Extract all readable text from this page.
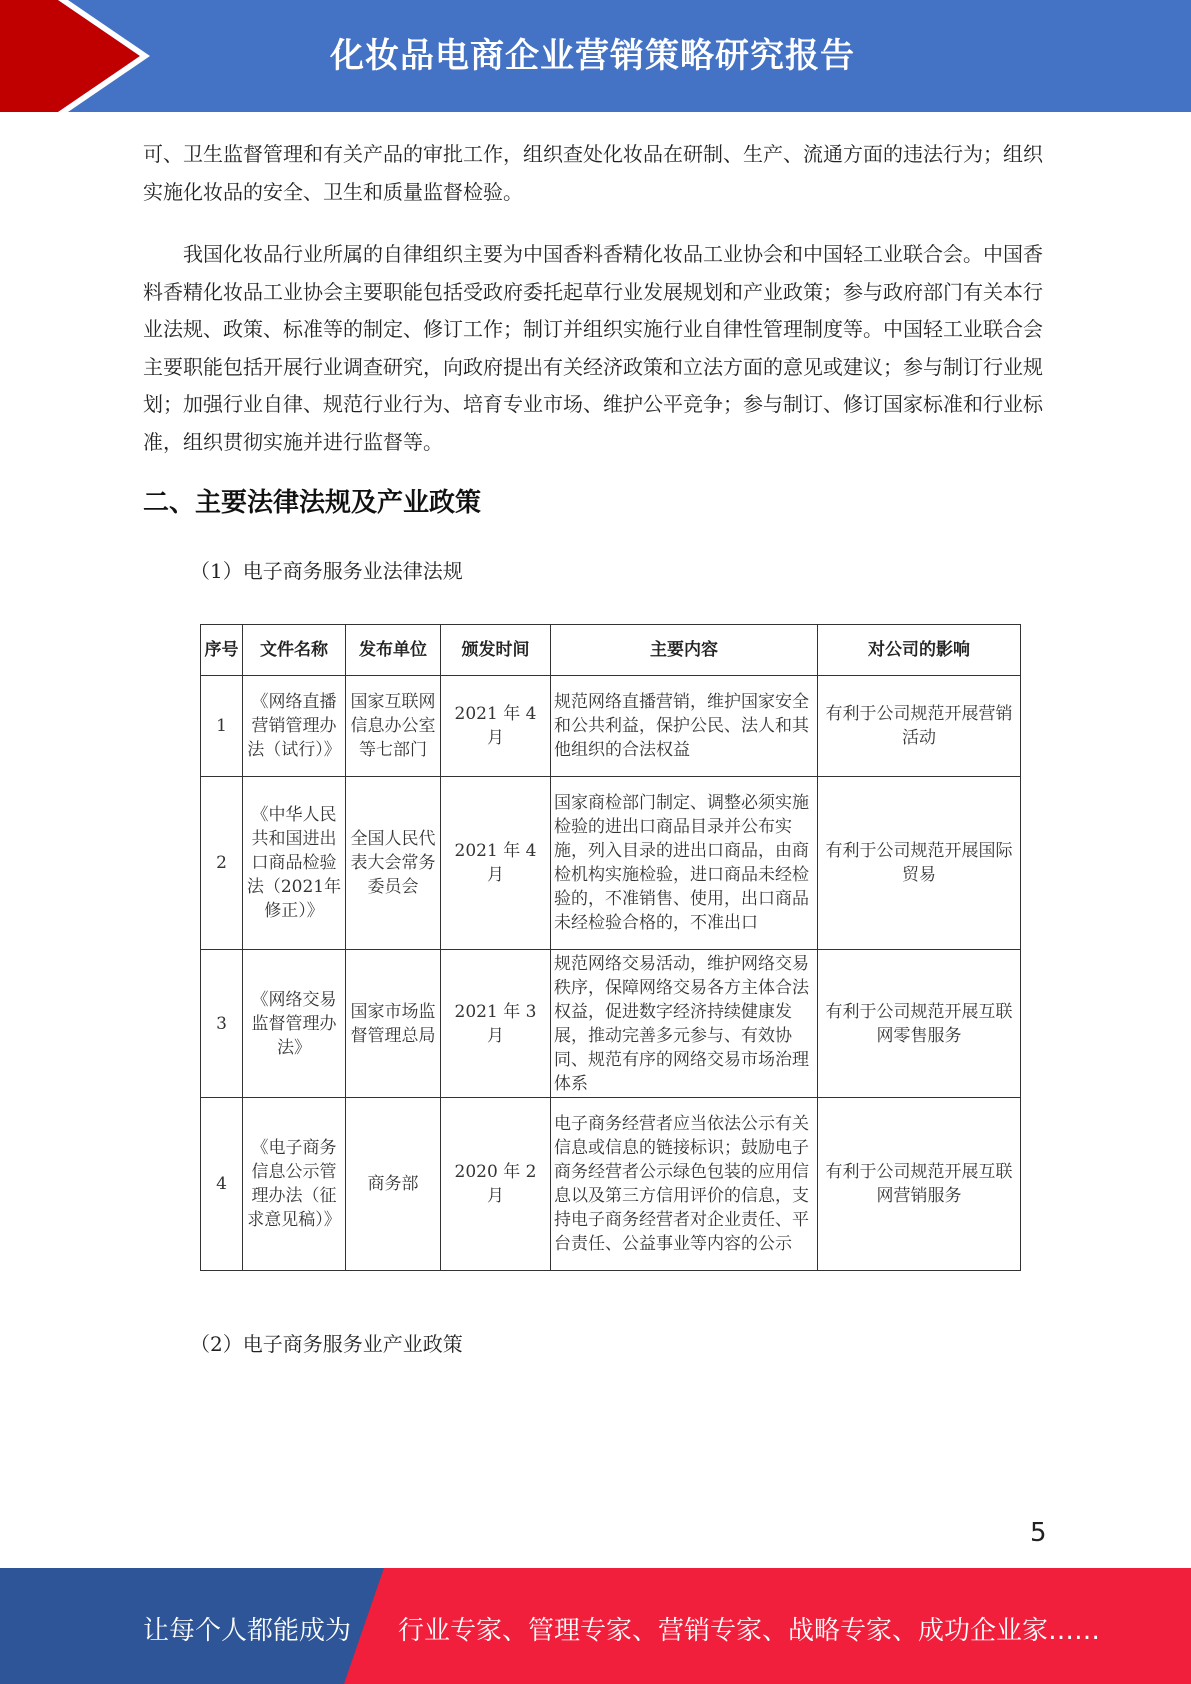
化妆品电商企业营销策略研究报告

可、卫生监督管理和有关产品的审批工作，组织查处化妆品在研制、生产、流通方面的违法行为；组织实施化妆品的安全、卫生和质量监督检验。

我国化妆品行业所属的自律组织主要为中国香料香精化妆品工业协会和中国轻工业联合会。中国香料香精化妆品工业协会主要职能包括受政府委托起草行业发展规划和产业政策；参与政府部门有关本行业法规、政策、标准等的制定、修订工作；制订并组织实施行业自律性管理制度等。中国轻工业联合会主要职能包括开展行业调查研究，向政府提出有关经济政策和立法方面的意见或建议；参与制订行业规划；加强行业自律、规范行业行为、培育专业市场、维护公平竞争；参与制订、修订国家标准和行业标准，组织贯彻实施并进行监督等。

二、主要法律法规及产业政策

（1）电子商务服务业法律法规

序号	文件名称	发布单位	颁发时间	主要内容	对公司的影响
1	《网络直播营销管理办法（试行）》	国家互联网信息办公室等七部门	2021 年 4 月	规范网络直播营销，维护国家安全和公共利益，保护公民、法人和其他组织的合法权益	有利于公司规范开展营销活动
2	《中华人民共和国进出口商品检验法（2021年修正）》	全国人民代表大会常务委员会	2021 年 4 月	国家商检部门制定、调整必须实施检验的进出口商品目录并公布实施，列入目录的进出口商品，由商检机构实施检验，进口商品未经检验的，不准销售、使用，出口商品未经检验合格的，不准出口	有利于公司规范开展国际贸易
3	《网络交易监督管理办法》	国家市场监督管理总局	2021 年 3 月	规范网络交易活动，维护网络交易秩序，保障网络交易各方主体合法权益，促进数字经济持续健康发展，推动完善多元参与、有效协同、规范有序的网络交易市场治理体系	有利于公司规范开展互联网零售服务
4	《电子商务信息公示管理办法（征求意见稿）》	商务部	2020 年 2 月	电子商务经营者应当依法公示有关信息或信息的链接标识；鼓励电子商务经营者公示绿色包装的应用信息以及第三方信用评价的信息，支持电子商务经营者对企业责任、平台责任、公益事业等内容的公示	有利于公司规范开展互联网营销服务

（2）电子商务服务业产业政策

5
让每个人都能成为 行业专家、管理专家、营销专家、战略专家、成功企业家……
